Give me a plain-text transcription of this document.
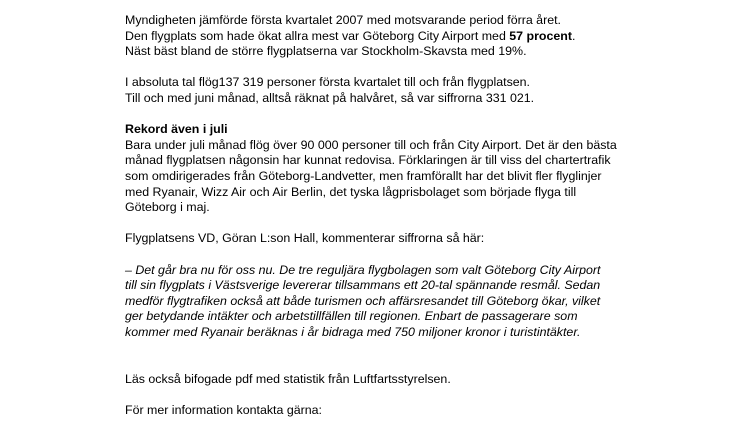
Myndigheten jämförde första kvartalet 2007 med motsvarande period förra året.
Den flygplats som hade ökat allra mest var Göteborg City Airport med 57 procent.
Näst bäst bland de större flygplatserna var Stockholm-Skavsta med 19%.
I absoluta tal flög137 319 personer första kvartalet till och från flygplatsen.
Till och med juni månad, alltså räknat på halvåret, så var siffrorna 331 021.
Rekord även i juli
Bara under juli månad flög över 90 000 personer till och från City Airport. Det är den bästa
månad flygplatsen någonsin har kunnat redovisa. Förklaringen är till viss del chartertrafik
som omdirigerades från Göteborg-Landvetter, men framförallt har det blivit fler flyglinjer
med Ryanair, Wizz Air och Air Berlin, det tyska lågprisbolaget som började flyga till
Göteborg i maj.
Flygplatsens VD, Göran L:son Hall, kommenterar siffrorna så här:
– Det går bra nu för oss nu. De tre reguljära flygbolagen som valt Göteborg City Airport
till sin flygplats i Västsverige levererar tillsammans ett 20-tal spännande resmål. Sedan
medför flygtrafiken också att både turismen och affärsresandet till Göteborg ökar, vilket
ger betydande intäkter och arbetstillfällen till regionen. Enbart de passagerare som
kommer med Ryanair beräknas i år bidraga med 750 miljoner kronor i turistintäkter.
Läs också bifogade pdf med statistik från Luftfartsstyrelsen.
För mer information kontakta gärna:
